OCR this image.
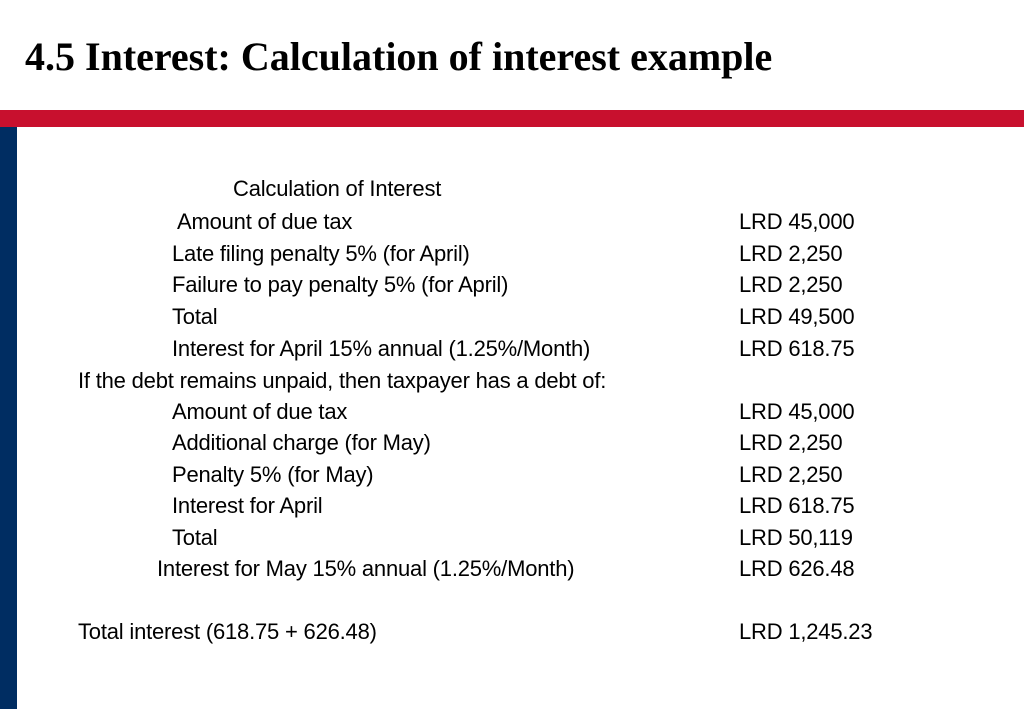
4.5 Interest: Calculation of interest example
Calculation of Interest
Amount of due tax	LRD 45,000
Late filing penalty 5% (for April)	LRD 2,250
Failure to pay penalty 5% (for April)	LRD 2,250
Total	LRD 49,500
Interest for April 15% annual (1.25%/Month)	LRD 618.75
If the debt remains unpaid, then taxpayer has a debt of:
Amount of due tax	LRD 45,000
Additional charge (for May)	LRD 2,250
Penalty 5% (for May)	LRD 2,250
Interest for April	LRD 618.75
Total	LRD 50,119
Interest for May 15% annual (1.25%/Month)	LRD 626.48
Total interest (618.75 + 626.48)	LRD 1,245.23
